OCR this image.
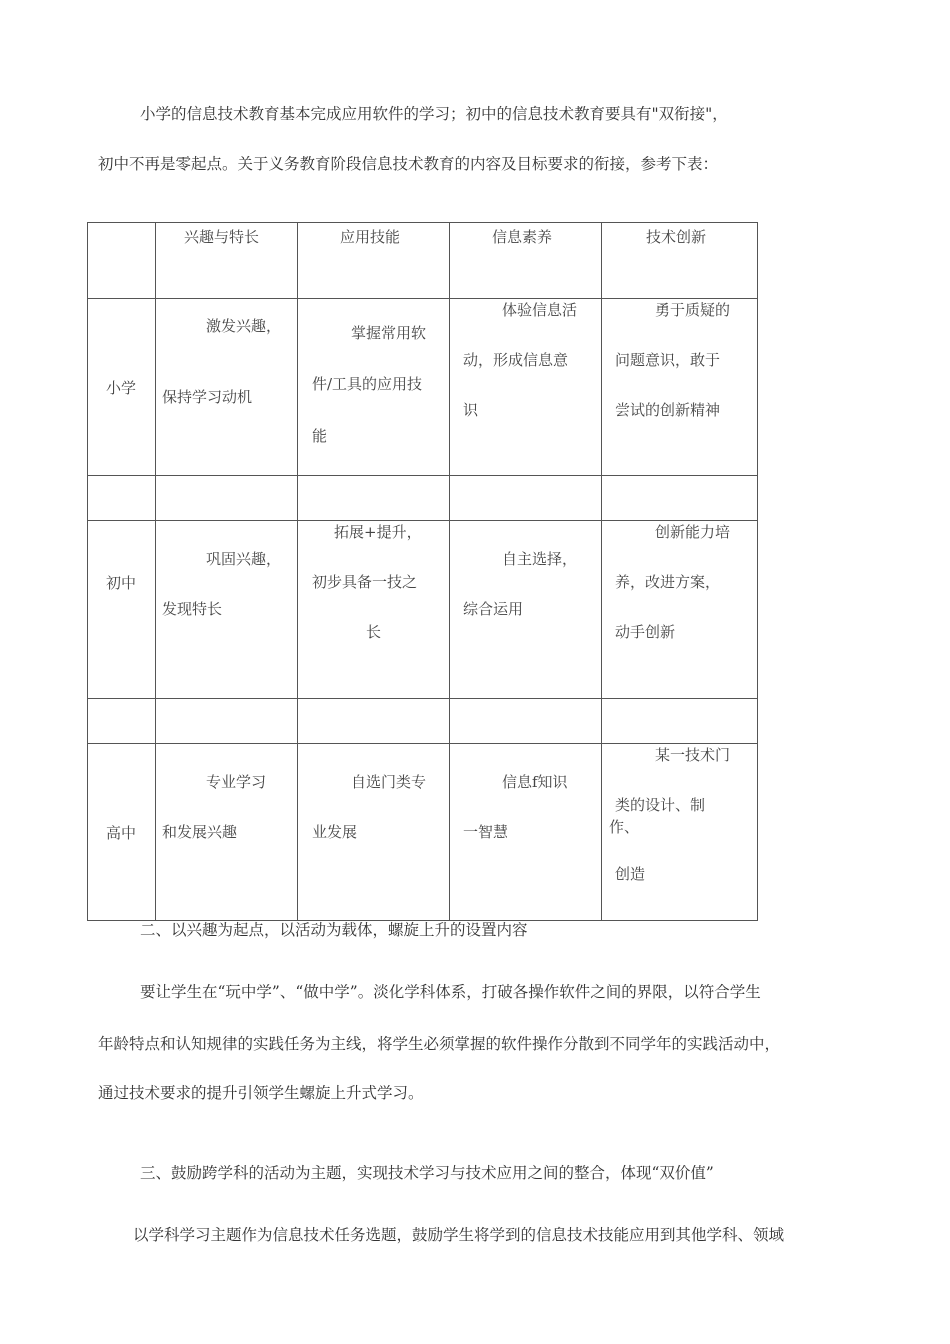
小学的信息技术教育基本完成应用软件的学习；初中的信息技术教育要具有"双衔接"，
初中不再是零起点。关于义务教育阶段信息技术教育的内容及目标要求的衔接，参考下表：

	兴趣与特长	应用技能	信息素养	技术创新

小学	激发兴趣，
保持学习动机	掌握常用软
件/工具的应用技
能	体验信息活
动，形成信息意
识	勇于质疑的
问题意识，敢于
尝试的创新精神

初中	巩固兴趣，
发现特长	拓展+提升，
初步具备一技之
长	自主选择，
综合运用	创新能力培
养，改进方案，
动手创新

高中	专业学习
和发展兴趣	自选门类专
业发展	信息f知识
一智慧	某一技术门
类的设计、制
作、
创造
二、以兴趣为起点，以活动为载体，螺旋上升的设置内容
要让学生在“玩中学”、“做中学”。淡化学科体系，打破各操作软件之间的界限，以符合学生
年龄特点和认知规律的实践任务为主线，将学生必须掌握的软件操作分散到不同学年的实践活动中，
通过技术要求的提升引领学生螺旋上升式学习。
三、鼓励跨学科的活动为主题，实现技术学习与技术应用之间的整合，体现“双价值”
以学科学习主题作为信息技术任务选题，鼓励学生将学到的信息技术技能应用到其他学科、领域
